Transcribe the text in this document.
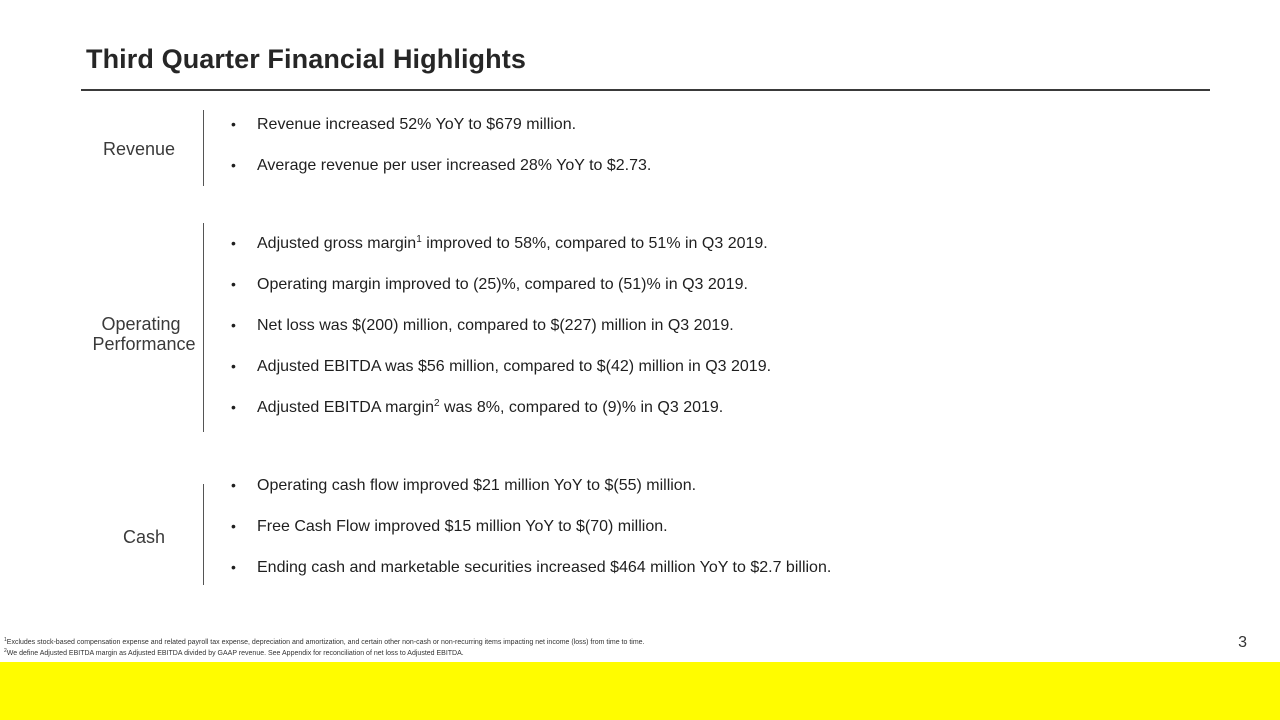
Third Quarter Financial Highlights
Revenue
• Revenue increased 52% YoY to $679 million.
• Average revenue per user increased 28% YoY to $2.73.
Operating
Performance
• Adjusted gross margin$^1$ improved to 58%, compared to 51% in Q3 2019.
• Operating margin improved to (25)%, compared to (51)% in Q3 2019.
• Net loss was $(200) million, compared to $(227) million in Q3 2019.
• Adjusted EBITDA was $56 million, compared to $(42) million in Q3 2019.
• Adjusted EBITDA margin$^2$ was 8%, compared to (9)% in Q3 2019.
Cash
• Operating cash flow improved $21 million YoY to $(55) million.
• Free Cash Flow improved $15 million YoY to $(70) million.
• Ending cash and marketable securities increased $464 million YoY to $2.7 billion.
$^1$Excludes stock-based compensation expense and related payroll tax expense, depreciation and amortization, and certain other non-cash or non-recurring items impacting net income (loss) from time to time.
$^2$We define Adjusted EBITDA margin as Adjusted EBITDA divided by GAAP revenue. See Appendix for reconciliation of net loss to Adjusted EBITDA.
3
